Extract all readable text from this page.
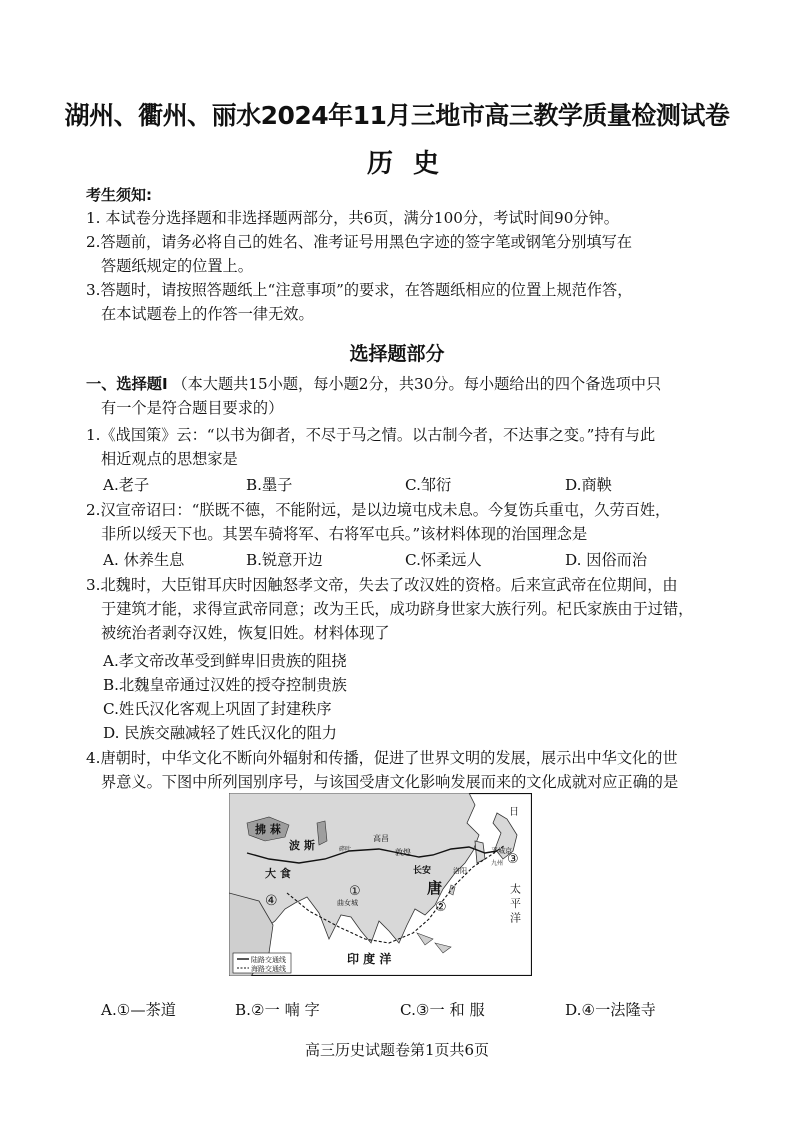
湖州、衢州、丽水2024年11月三地市高三教学质量检测试卷
历史
考生须知:
1. 本试卷分选择题和非选择题两部分，共6页，满分100分，考试时间90分钟。
2.答题前，请务必将自己的姓名、准考证号用黑色字迹的签字笔或钢笔分别填写在
答题纸规定的位置上。
3.答题时，请按照答题纸上“注意事项”的要求，在答题纸相应的位置上规范作答，
在本试题卷上的作答一律无效。
选择题部分
一、选择题Ⅰ （本大题共15小题，每小题2分，共30分。每小题给出的四个备选项中只
有一个是符合题目要求的）
1.《战国策》云：“以书为御者，不尽于马之情。以古制今者，不达事之变。”持有与此
相近观点的思想家是
A.老子	B.墨子	C.邹衍	D.商鞅
2.汉宣帝诏曰：“朕既不德，不能附远，是以边境屯戍未息。今复饬兵重屯，久劳百姓，
非所以绥天下也。其罢车骑将军、右将军屯兵。”该材料体现的治国理念是
A. 休养生息	B.锐意开边	C.怀柔远人	D. 因俗而治
3.北魏时，大臣钳耳庆时因触怒孝文帝，失去了改汉姓的资格。后来宣武帝在位期间，由
于建筑才能，求得宣武帝同意；改为王氏，成功跻身世家大族行列。杞氏家族由于过错，
被统治者剥夺汉姓，恢复旧姓。材料体现了
A.孝文帝改革受到鲜卑旧贵族的阻挠
B.北魏皇帝通过汉姓的授夺控制贵族
C.姓氏汉化客观上巩固了封建秩序
D. 民族交融减轻了姓氏汉化的阻力
4.唐朝时，中华文化不断向外辐射和传播，促进了世界文明的发展，展示出中华文化的世
界意义。下图中所列国别序号，与该国受唐文化影响发展而来的文化成就对应正确的是
拂 菻
波 斯
大 食
碎叶
高昌
敦煌
长安
唐
洛阳
曲女城
平城京
九州
日
太 平 洋
印 度 洋
①
②
③
④
陆路交通线
海路交通线
A.①—茶道	B.②一 喃 字	C.③一 和 服	D.④一法隆寺
高三历史试题卷第1页共6页
